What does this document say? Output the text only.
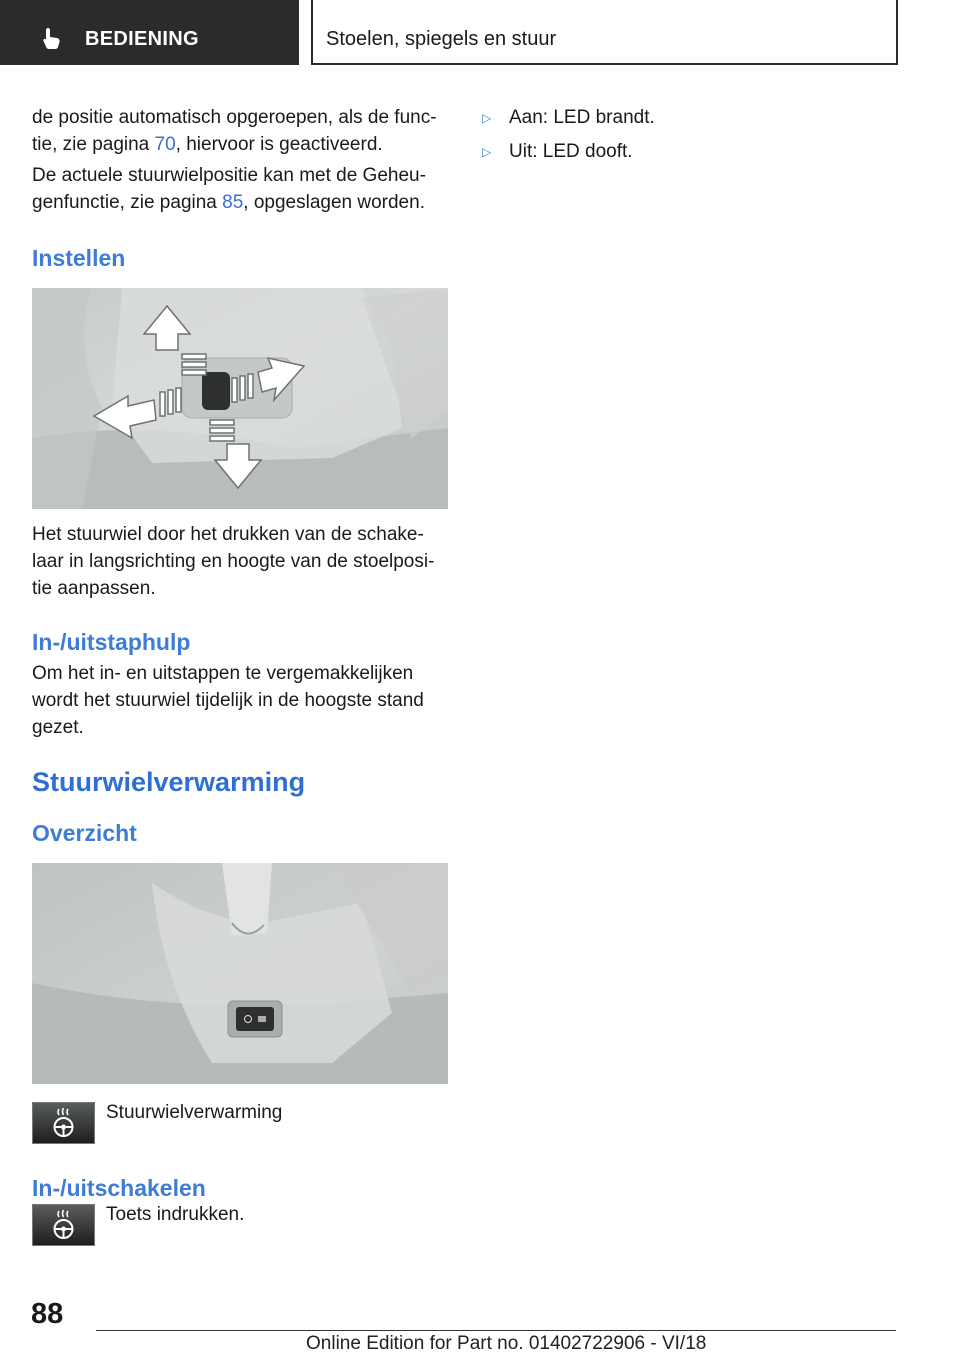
BEDIENING	Stoelen, spiegels en stuur

de positie automatisch opgeroepen, als de func-
tie, zie pagina 70, hiervoor is geactiveerd.

De actuele stuurwielpositie kan met de Geheu-
genfunctie, zie pagina 85, opgeslagen worden.

Instellen

Het stuurwiel door het drukken van de schake-
laar in langsrichting en hoogte van de stoelposi-
tie aanpassen.

In-/uitstaphulp

Om het in- en uitstappen te vergemakkelijken
wordt het stuurwiel tijdelijk in de hoogste stand
gezet.

Stuurwielverwarming
Overzicht
Stuurwielverwarming
In-/uitschakelen
Toets indrukken.
▷ Aan: LED brandt.
▷ Uit: LED dooft.
88
Online Edition for Part no. 01402722906 - VI/18
